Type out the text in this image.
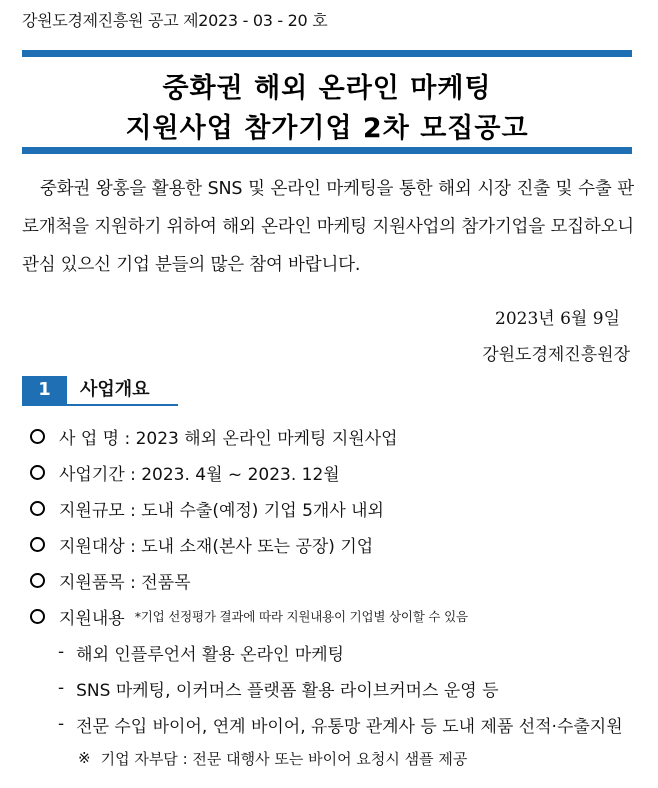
강원도경제진흥원 공고 제2023 - 03 - 20 호
중화권 해외 온라인 마케팅
지원사업 참가기업 2차 모집공고
중화권 왕홍을 활용한 SNS 및 온라인 마케팅을 통한 해외 시장 진출 및 수출 판로개척을 지원하기 위하여 해외 온라인 마케팅 지원사업의 참가기업을 모집하오니 관심 있으신 기업 분들의 많은 참여 바랍니다.
2023년 6월 9일
강원도경제진흥원장
1	사업개요
사 업 명 : 2023 해외 온라인 마케팅 지원사업
사업기간 : 2023. 4월 ~ 2023. 12월
지원규모 : 도내 수출(예정) 기업 5개사 내외
지원대상 : 도내 소재(본사 또는 공장) 기업
지원품목 : 전품목
지원내용 *기업 선정평가 결과에 따라 지원내용이 기업별 상이할 수 있음
- 해외 인플루언서 활용 온라인 마케팅
- SNS 마케팅, 이커머스 플랫폼 활용 라이브커머스 운영 등
- 전문 수입 바이어, 연계 바이어, 유통망 관계사 등 도내 제품 선적·수출지원
※ 기업 자부담 : 전문 대행사 또는 바이어 요청시 샘플 제공
